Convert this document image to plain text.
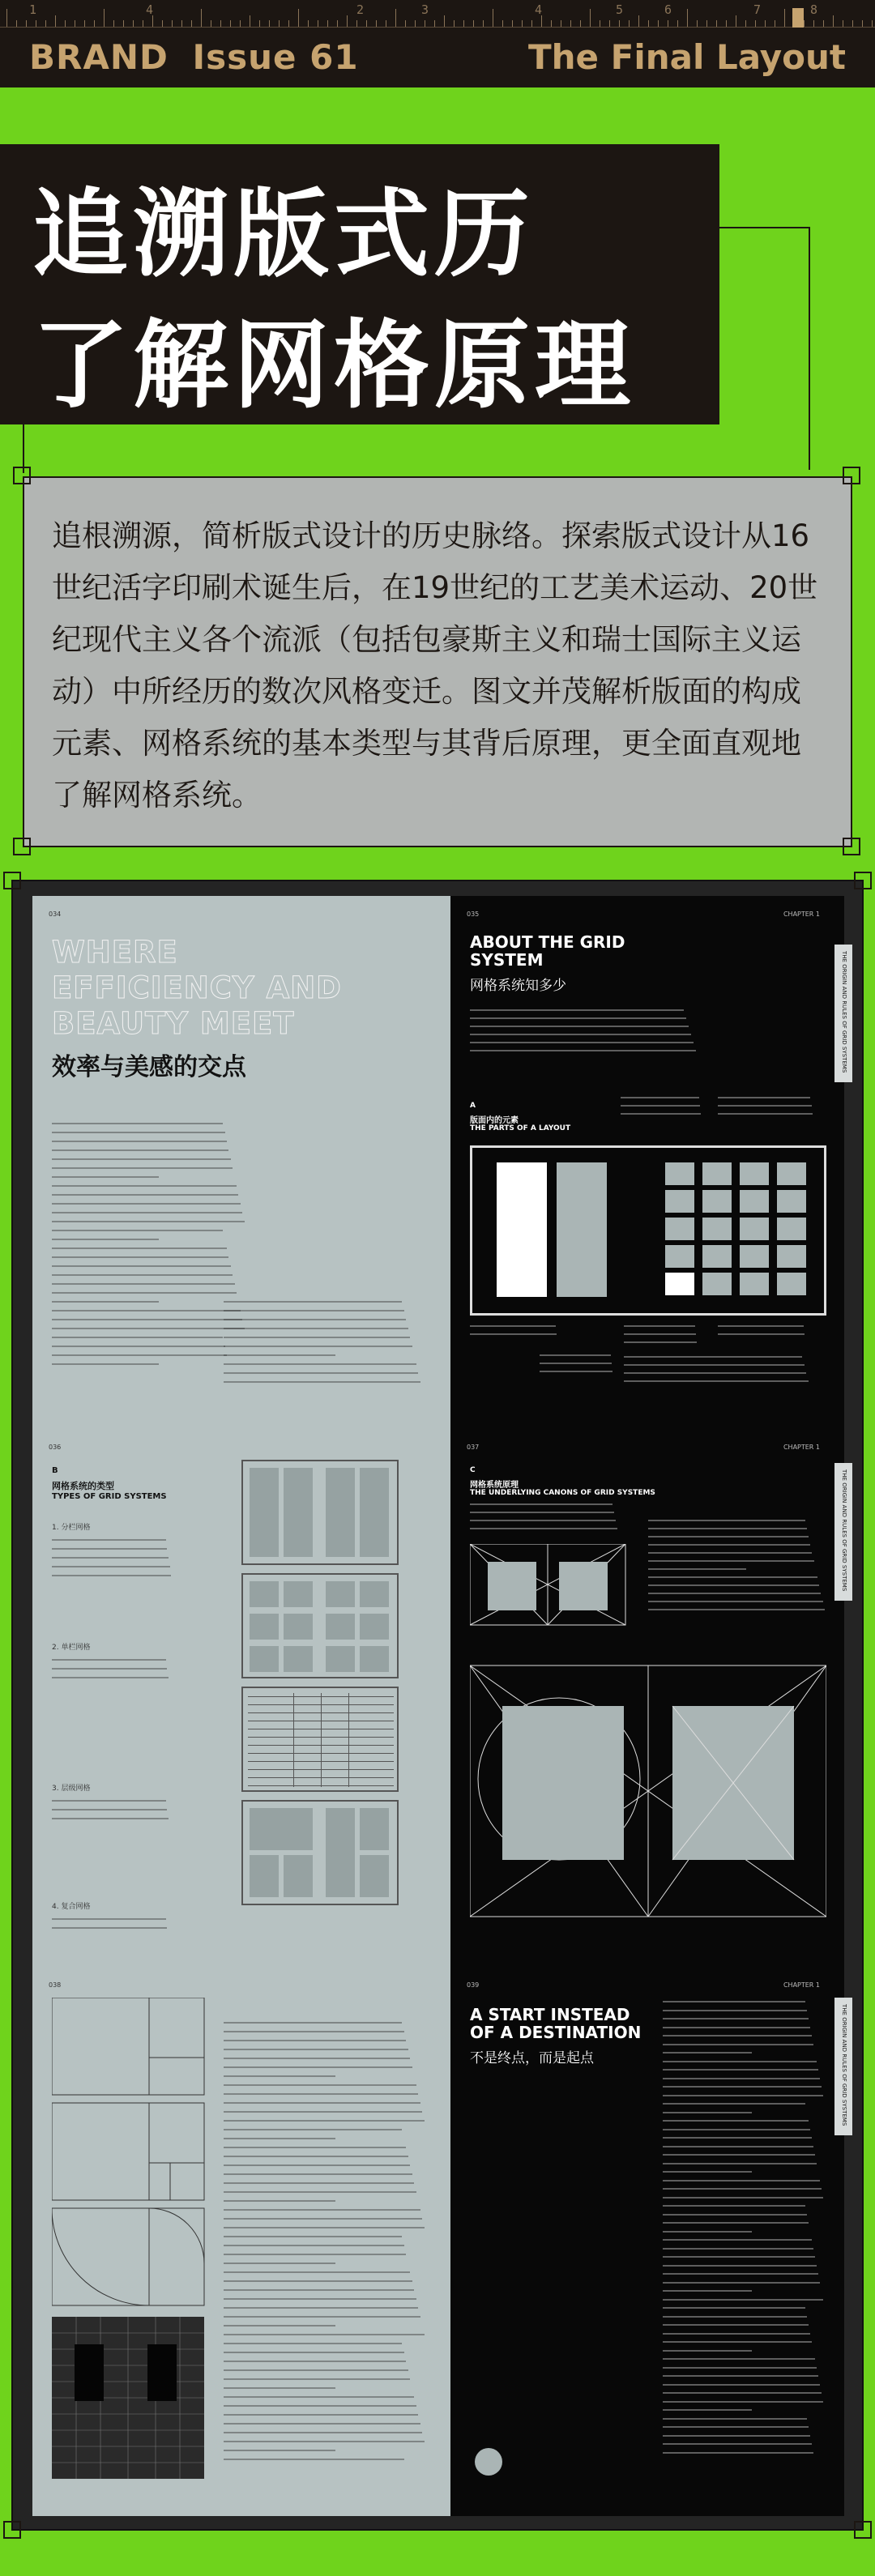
1	4	2	3	4	5	6	7	8
BRAND Issue 61	The Final Layout
追溯版式历
了解网格原理
追根溯源，简析版式设计的历史脉络。探索版式设计从16世纪活字印刷术诞生后，在19世纪的工艺美术运动、20世纪现代主义各个流派（包括包豪斯主义和瑞士国际主义运动）中所经历的数次风格变迁。图文并茂解析版面的构成元素、网格系统的基本类型与其背后原理，更全面直观地了解网格系统。
034
WHERE
EFFICIENCY AND
BEAUTY MEET
效率与美感的交点
036
B
网格系统的类型
TYPES OF GRID SYSTEMS
1. 分栏网格
2. 单栏网格
3. 层级网格
4. 复合网格
038
035	CHAPTER 1
THE ORIGIN AND RULES OF GRID SYSTEMS
ABOUT THE GRID
SYSTEM
网格系统知多少
A
版面内的元素
THE PARTS OF A LAYOUT
037	CHAPTER 1
THE ORIGIN AND RULES OF GRID SYSTEMS
C
网格系统原理
THE UNDERLYING CANONS OF GRID SYSTEMS
039	CHAPTER 1
THE ORIGIN AND RULES OF GRID SYSTEMS
A START INSTEAD
OF A DESTINATION
不是终点，而是起点
